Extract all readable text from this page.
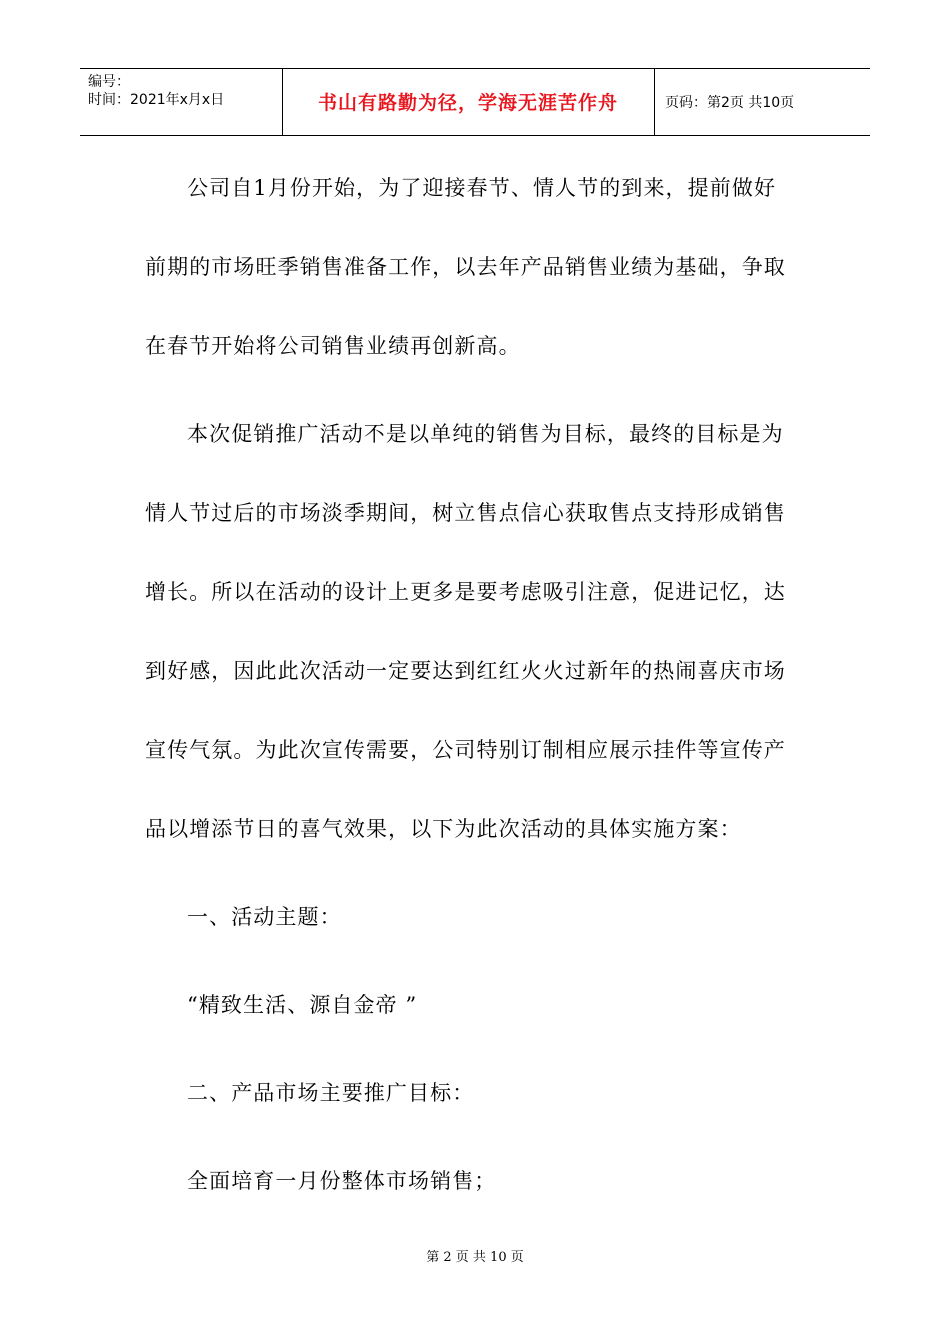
编号：
时间：2021年x月x日	书山有路勤为径，学海无涯苦作舟	页码：第2页 共10页
公司自1月份开始，为了迎接春节、情人节的到来，提前做好
前期的市场旺季销售准备工作，以去年产品销售业绩为基础，争取
在春节开始将公司销售业绩再创新高。
本次促销推广活动不是以单纯的销售为目标，最终的目标是为
情人节过后的市场淡季期间，树立售点信心获取售点支持形成销售
增长。所以在活动的设计上更多是要考虑吸引注意，促进记忆，达
到好感，因此此次活动一定要达到红红火火过新年的热闹喜庆市场
宣传气氛。为此次宣传需要，公司特别订制相应展示挂件等宣传产
品以增添节日的喜气效果，以下为此次活动的具体实施方案：
一、活动主题：
“精致生活、源自金帝 ”
二、产品市场主要推广目标：
全面培育一月份整体市场销售；
第 2 页 共 10 页
